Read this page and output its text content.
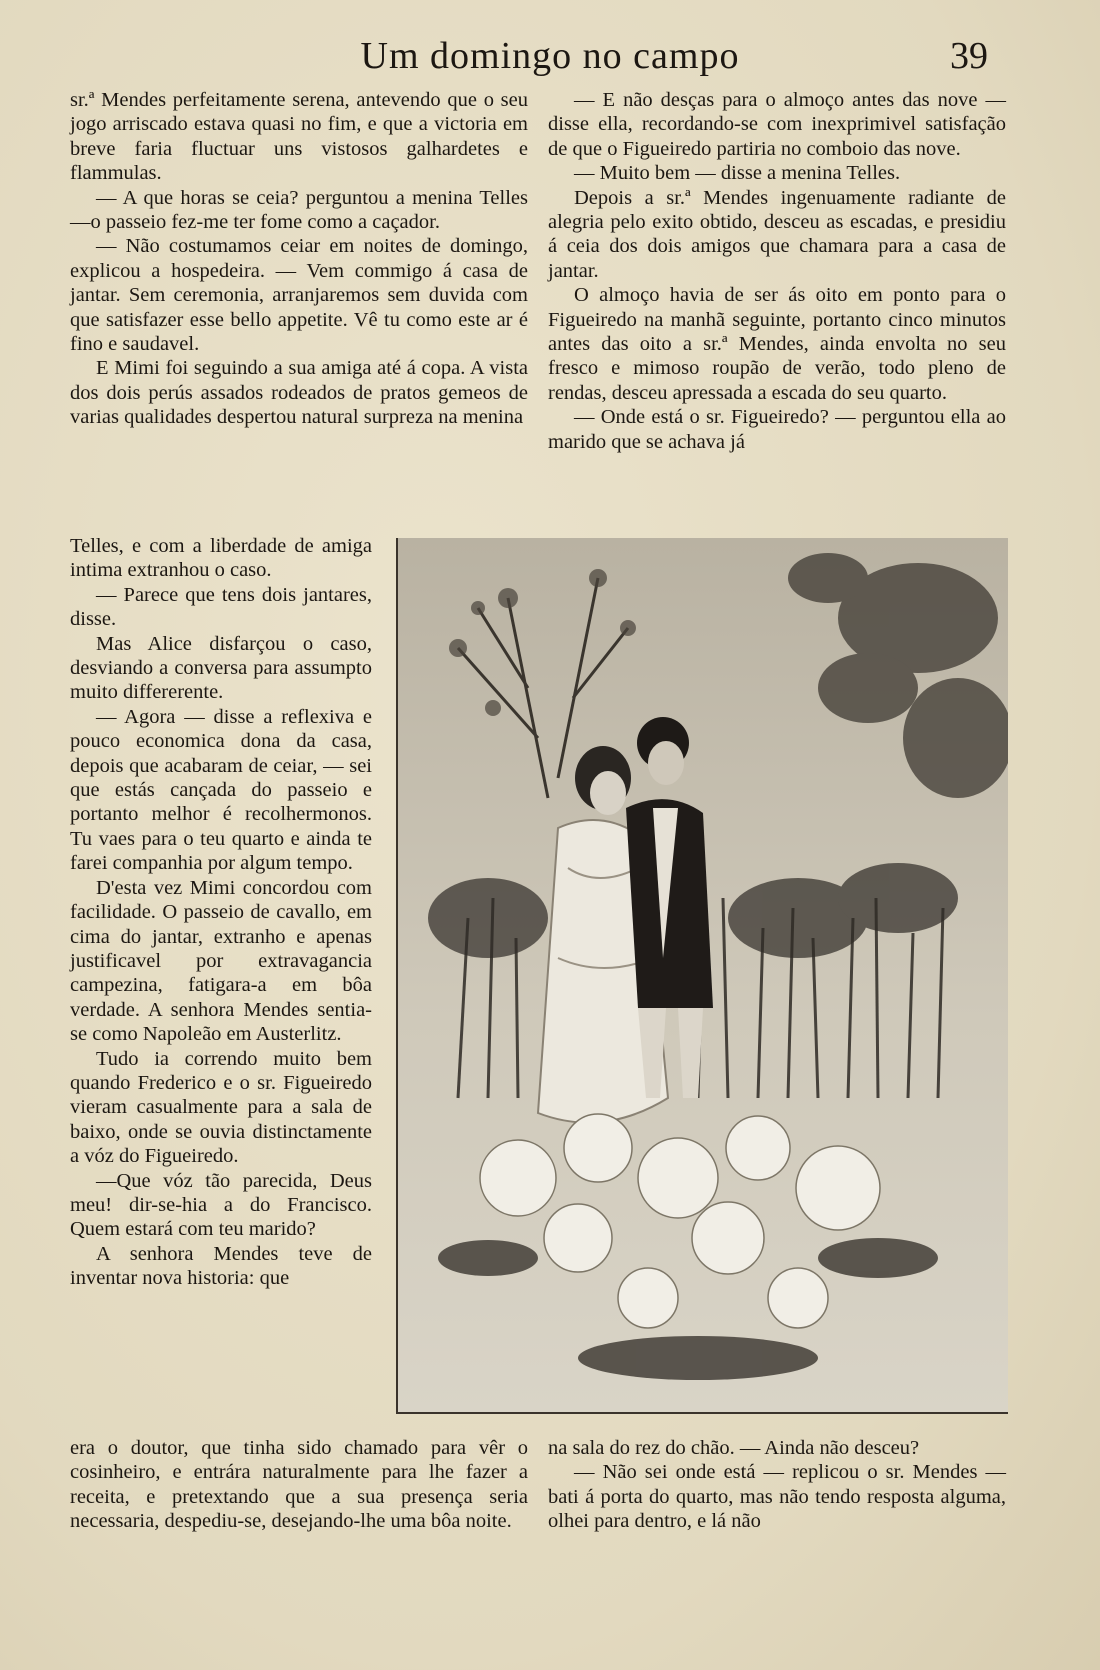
Um domingo no campo	39

sr.ª Mendes perfeitamente serena, antevendo que o seu jogo arriscado estava quasi no fim, e que a victoria em breve faria fluctuar uns vistosos galhardetes e flammulas.

— A que horas se ceia? perguntou a menina Telles—o passeio fez-me ter fome como a caçador.

— Não costumamos ceiar em noites de domingo, explicou a hospedeira. — Vem commigo á casa de jantar. Sem ceremonia, arranjaremos sem duvida com que satisfazer esse bello appetite. Vê tu como este ar é fino e saudavel.

E Mimi foi seguindo a sua amiga até á copa. A vista dos dois perús assados rodeados de pratos gemeos de varias qualidades despertou natural surpreza na menina

Telles, e com a liberdade de amiga intima extranhou o caso.

— Parece que tens dois jantares, disse.

Mas Alice disfarçou o caso, desviando a conversa para assumpto muito differerente.

— Agora — disse a reflexiva e pouco economica dona da casa, depois que acabaram de ceiar, — sei que estás cançada do passeio e portanto melhor é recolhermonos. Tu vaes para o teu quarto e ainda te farei companhia por algum tempo.

D'esta vez Mimi concordou com facilidade. O passeio de cavallo, em cima do jantar, extranho e apenas justificavel por extravagancia campezina, fatigara-a em bôa verdade. A senhora Mendes sentia-se como Napoleão em Austerlitz.

Tudo ia correndo muito bem quando Frederico e o sr. Figueiredo vieram casualmente para a sala de baixo, onde se ouvia distinctamente a vóz do Figueiredo.

—Que vóz tão parecida, Deus meu! dir-se-hia a do Francisco. Quem estará com teu marido?

A senhora Mendes teve de inventar nova historia: que

era o doutor, que tinha sido chamado para vêr o cosinheiro, e entrára naturalmente para lhe fazer a receita, e pretextando que a sua presença seria necessaria, despediu-se, desejando-lhe uma bôa noite.

— E não desças para o almoço antes das nove — disse ella, recordando-se com inexprimivel satisfação de que o Figueiredo partiria no comboio das nove.

— Muito bem — disse a menina Telles.

Depois a sr.ª Mendes ingenuamente radiante de alegria pelo exito obtido, desceu as escadas, e presidiu á ceia dos dois amigos que chamara para a casa de jantar.

O almoço havia de ser ás oito em ponto para o Figueiredo na manhã seguinte, portanto cinco minutos antes das oito a sr.ª Mendes, ainda envolta no seu fresco e mimoso roupão de verão, todo pleno de rendas, desceu apressada a escada do seu quarto.

— Onde está o sr. Figueiredo? — perguntou ella ao marido que se achava já

na sala do rez do chão. — Ainda não desceu?

— Não sei onde está — replicou o sr. Mendes — bati á porta do quarto, mas não tendo resposta alguma, olhei para dentro, e lá não
